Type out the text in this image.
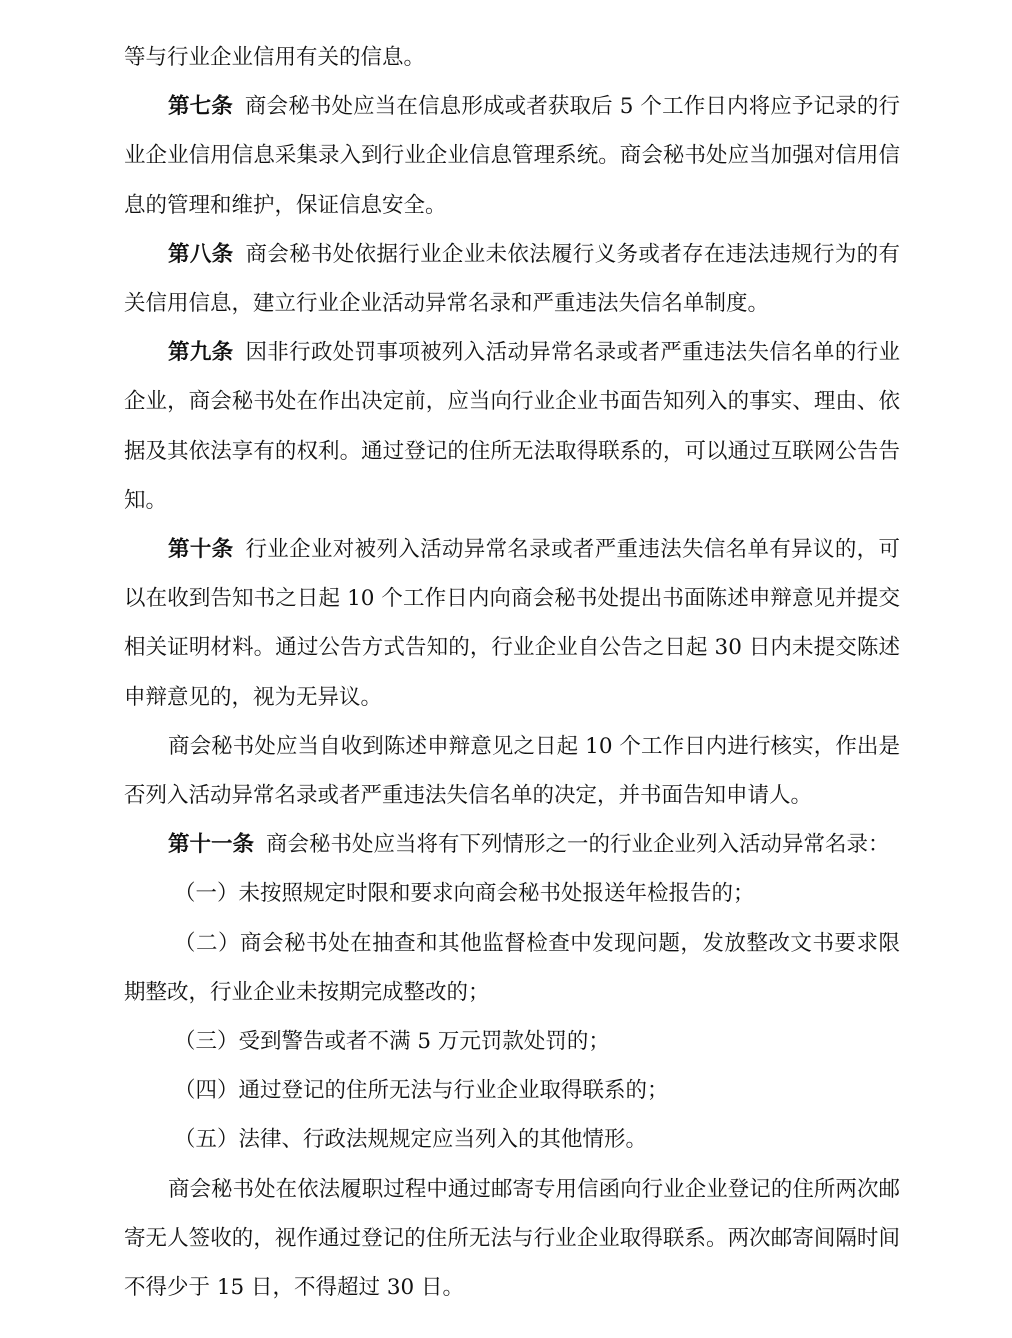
等与行业企业信用有关的信息。

第七条 商会秘书处应当在信息形成或者获取后 5 个工作日内将应予记录的行业企业信用信息采集录入到行业企业信息管理系统。商会秘书处应当加强对信用信息的管理和维护，保证信息安全。

第八条 商会秘书处依据行业企业未依法履行义务或者存在违法违规行为的有关信用信息，建立行业企业活动异常名录和严重违法失信名单制度。

第九条 因非行政处罚事项被列入活动异常名录或者严重违法失信名单的行业企业，商会秘书处在作出决定前，应当向行业企业书面告知列入的事实、理由、依据及其依法享有的权利。通过登记的住所无法取得联系的，可以通过互联网公告告知。

第十条 行业企业对被列入活动异常名录或者严重违法失信名单有异议的，可以在收到告知书之日起 10 个工作日内向商会秘书处提出书面陈述申辩意见并提交相关证明材料。通过公告方式告知的，行业企业自公告之日起 30 日内未提交陈述申辩意见的，视为无异议。

商会秘书处应当自收到陈述申辩意见之日起 10 个工作日内进行核实，作出是否列入活动异常名录或者严重违法失信名单的决定，并书面告知申请人。

第十一条 商会秘书处应当将有下列情形之一的行业企业列入活动异常名录：

（一）未按照规定时限和要求向商会秘书处报送年检报告的；

（二）商会秘书处在抽查和其他监督检查中发现问题，发放整改文书要求限期整改，行业企业未按期完成整改的；

（三）受到警告或者不满 5 万元罚款处罚的；

（四）通过登记的住所无法与行业企业取得联系的；

（五）法律、行政法规规定应当列入的其他情形。

商会秘书处在依法履职过程中通过邮寄专用信函向行业企业登记的住所两次邮寄无人签收的，视作通过登记的住所无法与行业企业取得联系。两次邮寄间隔时间不得少于 15 日，不得超过 30 日。
